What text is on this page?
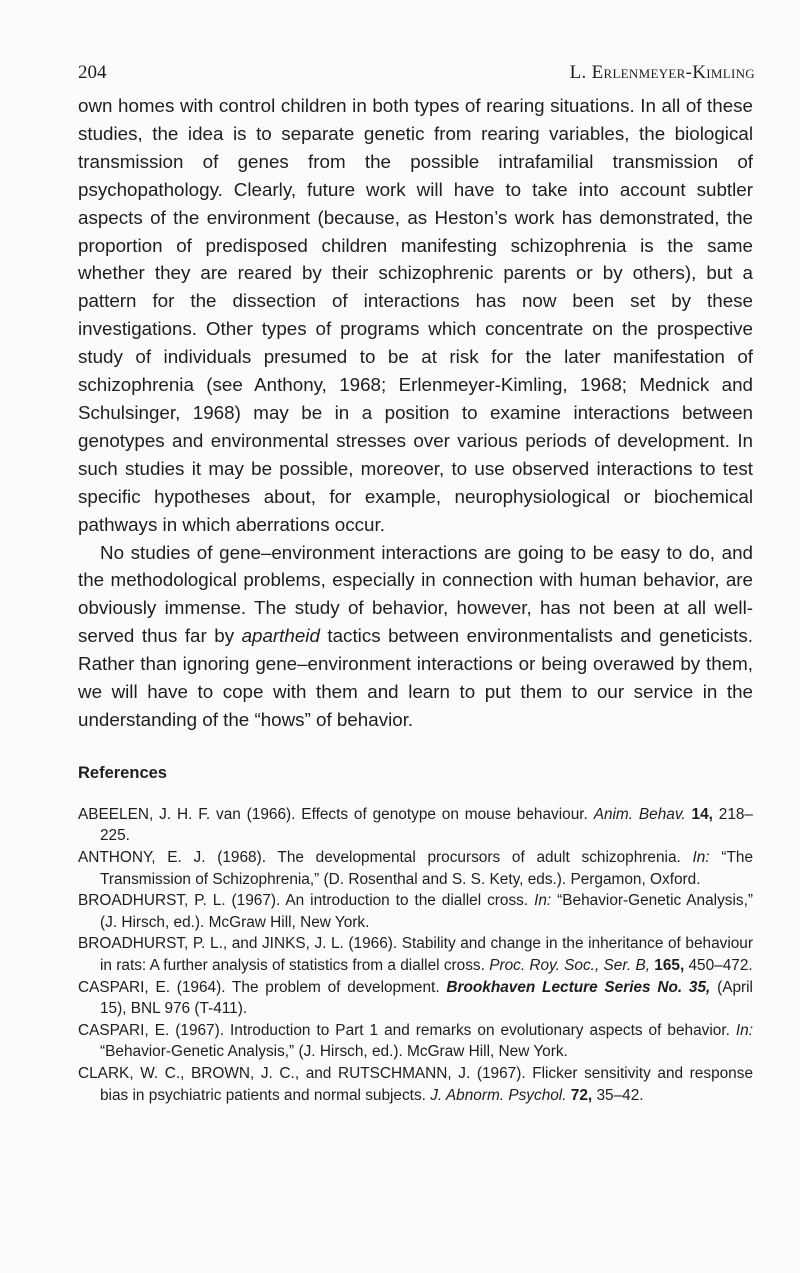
204	L. Erlenmeyer-Kimling

own homes with control children in both types of rearing situations. In all of these studies, the idea is to separate genetic from rearing variables, the biological transmission of genes from the possible intrafamilial transmission of psychopathology. Clearly, future work will have to take into account subtler aspects of the environment (because, as Heston’s work has demonstrated, the proportion of predisposed children manifesting schizophrenia is the same whether they are reared by their schizophrenic parents or by others), but a pattern for the dissection of interactions has now been set by these investigations. Other types of programs which concentrate on the prospective study of individuals presumed to be at risk for the later manifestation of schizophrenia (see Anthony, 1968; Erlenmeyer-Kimling, 1968; Mednick and Schulsinger, 1968) may be in a position to examine interactions between genotypes and environmental stresses over various periods of development. In such studies it may be possible, moreover, to use observed interactions to test specific hypotheses about, for example, neurophysiological or biochemical pathways in which aberrations occur.

No studies of gene–environment interactions are going to be easy to do, and the methodological problems, especially in connection with human behavior, are obviously immense. The study of behavior, however, has not been at all well-served thus far by apartheid tactics between environmentalists and geneticists. Rather than ignoring gene–environment interactions or being overawed by them, we will have to cope with them and learn to put them to our service in the understanding of the “hows” of behavior.

References

ABEELEN, J. H. F. van (1966). Effects of genotype on mouse behaviour. Anim. Behav. 14, 218–225.

ANTHONY, E. J. (1968). The developmental procursors of adult schizophrenia. In: “The Transmission of Schizophrenia,” (D. Rosenthal and S. S. Kety, eds.). Pergamon, Oxford.

BROADHURST, P. L. (1967). An introduction to the diallel cross. In: “Behavior-Genetic Analysis,” (J. Hirsch, ed.). McGraw Hill, New York.

BROADHURST, P. L., and JINKS, J. L. (1966). Stability and change in the inheritance of behaviour in rats: A further analysis of statistics from a diallel cross. Proc. Roy. Soc., Ser. B, 165, 450–472.

CASPARI, E. (1964). The problem of development. Brookhaven Lecture Series No. 35, (April 15), BNL 976 (T-411).

CASPARI, E. (1967). Introduction to Part 1 and remarks on evolutionary aspects of behavior. In: “Behavior-Genetic Analysis,” (J. Hirsch, ed.). McGraw Hill, New York.

CLARK, W. C., BROWN, J. C., and RUTSCHMANN, J. (1967). Flicker sensitivity and response bias in psychiatric patients and normal subjects. J. Abnorm. Psychol. 72, 35–42.
